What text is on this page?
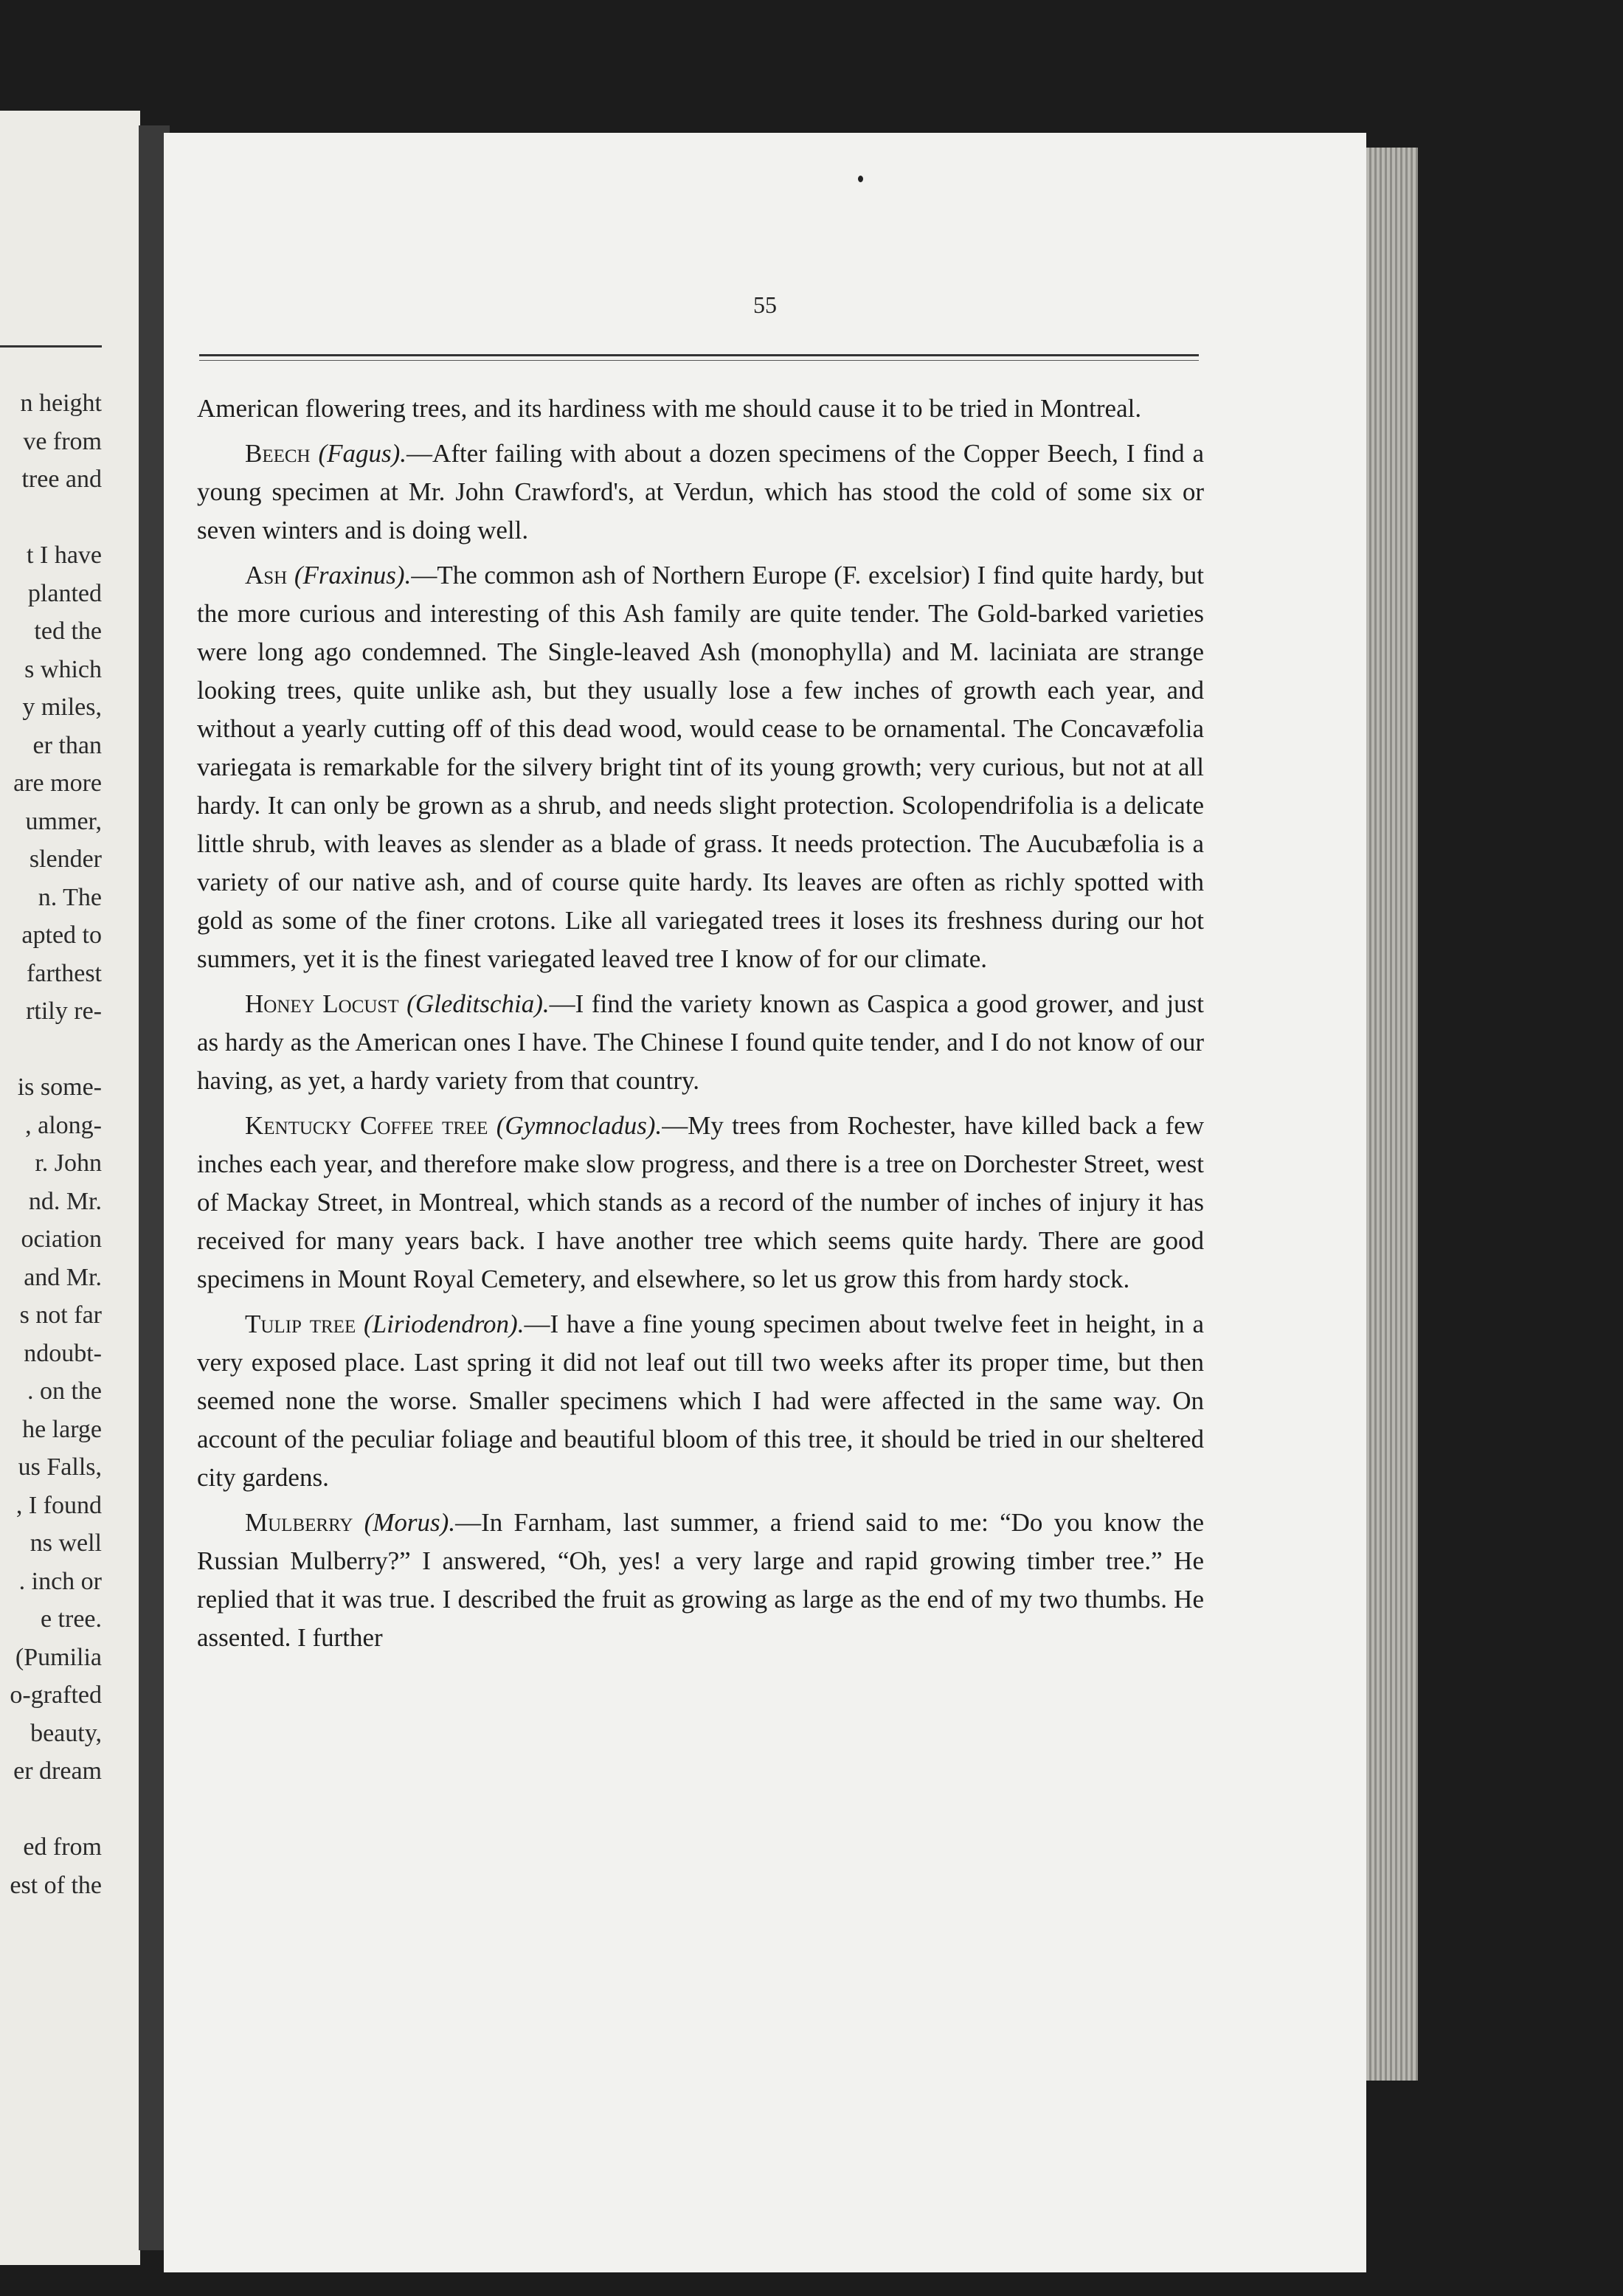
n height
ve from
tree and
t I have
planted
ted the
s which
y miles,
er than
are more
ummer,
slender
n. The
apted to
farthest
rtily re-
is some-
, along-
r. John
nd. Mr.
ociation
and Mr.
s not far
ndoubt-
. on the
he large
us Falls,
, I found
ns well
. inch or
e tree.
(Pumilia
o-grafted
beauty,
er dream
ed from
est of the
55

American flowering trees, and its hardiness with me should cause it to be tried in Montreal.

Beech (Fagus).—After failing with about a dozen specimens of the Copper Beech, I find a young specimen at Mr. John Crawford's, at Verdun, which has stood the cold of some six or seven winters and is doing well.

Ash (Fraxinus).—The common ash of Northern Europe (F. excelsior) I find quite hardy, but the more curious and interesting of this Ash family are quite tender. The Gold-barked varieties were long ago condemned. The Single-leaved Ash (monophylla) and M. laciniata are strange looking trees, quite unlike ash, but they usually lose a few inches of growth each year, and without a yearly cutting off of this dead wood, would cease to be ornamental. The Concavæfolia variegata is remarkable for the silvery bright tint of its young growth; very curious, but not at all hardy. It can only be grown as a shrub, and needs slight protection. Scolopendrifolia is a delicate little shrub, with leaves as slender as a blade of grass. It needs protection. The Aucubæfolia is a variety of our native ash, and of course quite hardy. Its leaves are often as richly spotted with gold as some of the finer crotons. Like all variegated trees it loses its freshness during our hot summers, yet it is the finest variegated leaved tree I know of for our climate.

Honey Locust (Gleditschia).—I find the variety known as Caspica a good grower, and just as hardy as the American ones I have. The Chinese I found quite tender, and I do not know of our having, as yet, a hardy variety from that country.

Kentucky Coffee tree (Gymnocladus).—My trees from Rochester, have killed back a few inches each year, and therefore make slow progress, and there is a tree on Dorchester Street, west of Mackay Street, in Montreal, which stands as a record of the number of inches of injury it has received for many years back. I have another tree which seems quite hardy. There are good specimens in Mount Royal Cemetery, and elsewhere, so let us grow this from hardy stock.

Tulip tree (Liriodendron).—I have a fine young specimen about twelve feet in height, in a very exposed place. Last spring it did not leaf out till two weeks after its proper time, but then seemed none the worse. Smaller specimens which I had were affected in the same way. On account of the peculiar foliage and beautiful bloom of this tree, it should be tried in our sheltered city gardens.

Mulberry (Morus).—In Farnham, last summer, a friend said to me: “Do you know the Russian Mulberry?” I answered, “Oh, yes! a very large and rapid growing timber tree.” He replied that it was true. I described the fruit as growing as large as the end of my two thumbs. He assented. I further
